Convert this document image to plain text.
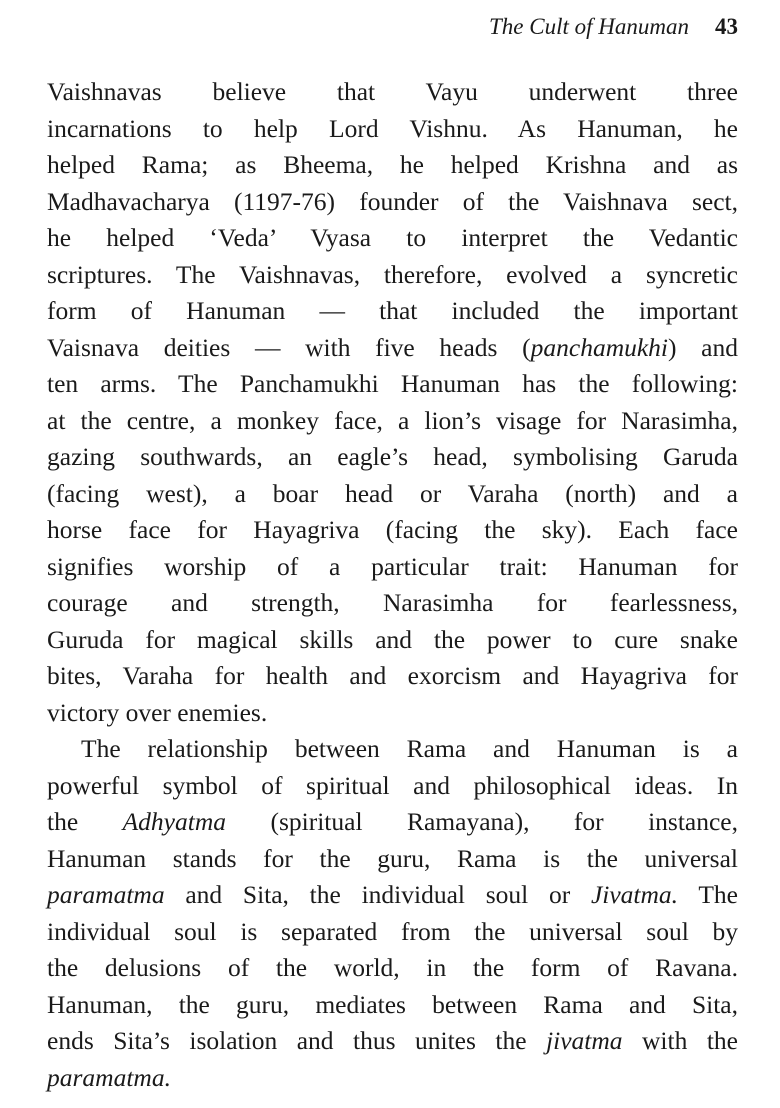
The Cult of Hanuman 43
Vaishnavas believe that Vayu underwent three
incarnations to help Lord Vishnu. As Hanuman, he
helped Rama; as Bheema, he helped Krishna and as
Madhavacharya (1197-76) founder of the Vaishnava sect,
he helped ‘Veda’ Vyasa to interpret the Vedantic
scriptures. The Vaishnavas, therefore, evolved a syncretic
form of Hanuman — that included the important
Vaisnava deities — with five heads (panchamukhi) and
ten arms. The Panchamukhi Hanuman has the following:
at the centre, a monkey face, a lion’s visage for Narasimha,
gazing southwards, an eagle’s head, symbolising Garuda
(facing west), a boar head or Varaha (north) and a
horse face for Hayagriva (facing the sky). Each face
signifies worship of a particular trait: Hanuman for
courage and strength, Narasimha for fearlessness,
Guruda for magical skills and the power to cure snake
bites, Varaha for health and exorcism and Hayagriva for
victory over enemies.
The relationship between Rama and Hanuman is a
powerful symbol of spiritual and philosophical ideas. In
the Adhyatma (spiritual Ramayana), for instance,
Hanuman stands for the guru, Rama is the universal
paramatma and Sita, the individual soul or Jivatma. The
individual soul is separated from the universal soul by
the delusions of the world, in the form of Ravana.
Hanuman, the guru, mediates between Rama and Sita,
ends Sita’s isolation and thus unites the jivatma with the
paramatma.
